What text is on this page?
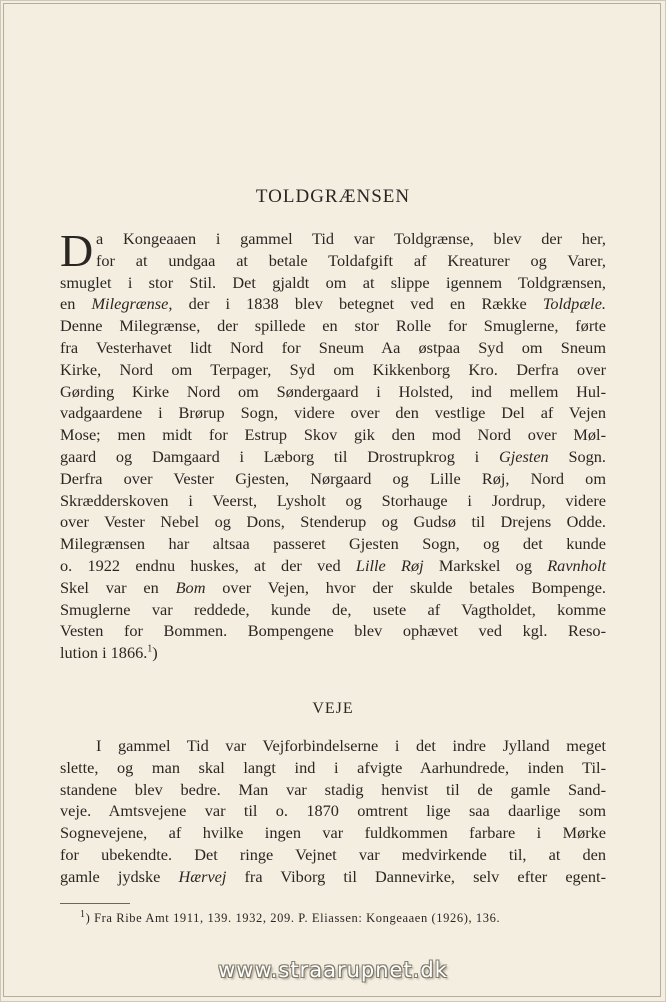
TOLDGRÆNSEN
D a Kongeaaen i gammel Tid var Toldgrænse, blev der her,
for at undgaa at betale Toldafgift af Kreaturer og Varer,
smuglet i stor Stil. Det gjaldt om at slippe igennem Toldgrænsen,
en Milegrænse, der i 1838 blev betegnet ved en Række Toldpæle.
Denne Milegrænse, der spillede en stor Rolle for Smuglerne, førte
fra Vesterhavet lidt Nord for Sneum Aa østpaa Syd om Sneum
Kirke, Nord om Terpager, Syd om Kikkenborg Kro. Derfra over
Gørding Kirke Nord om Søndergaard i Holsted, ind mellem Hul-
vadgaardene i Brørup Sogn, videre over den vestlige Del af Vejen
Mose; men midt for Estrup Skov gik den mod Nord over Møl-
gaard og Damgaard i Læborg til Drostrupkrog i Gjesten Sogn.
Derfra over Vester Gjesten, Nørgaard og Lille Røj, Nord om
Skrædderskoven i Veerst, Lysholt og Storhauge i Jordrup, videre
over Vester Nebel og Dons, Stenderup og Gudsø til Drejens Odde.
Milegrænsen har altsaa passeret Gjesten Sogn, og det kunde
o. 1922 endnu huskes, at der ved Lille Røj Markskel og Ravnholt
Skel var en Bom over Vejen, hvor der skulde betales Bompenge.
Smuglerne var reddede, kunde de, usete af Vagtholdet, komme
Vesten for Bommen. Bompengene blev ophævet ved kgl. Reso-
lution i 1866.$^1$)
VEJE
I gammel Tid var Vejforbindelserne i det indre Jylland meget
slette, og man skal langt ind i afvigte Aarhundrede, inden Til-
standene blev bedre. Man var stadig henvist til de gamle Sand-
veje. Amtsvejene var til o. 1870 omtrent lige saa daarlige som
Sognevejene, af hvilke ingen var fuldkommen farbare i Mørke
for ubekendte. Det ringe Vejnet var medvirkende til, at den
gamle jydske Hærvej fra Viborg til Dannevirke, selv efter egent-
$^1$) Fra Ribe Amt 1911, 139. 1932, 209. P. Eliassen: Kongeaaen (1926), 136.
www.straarupnet.dk
